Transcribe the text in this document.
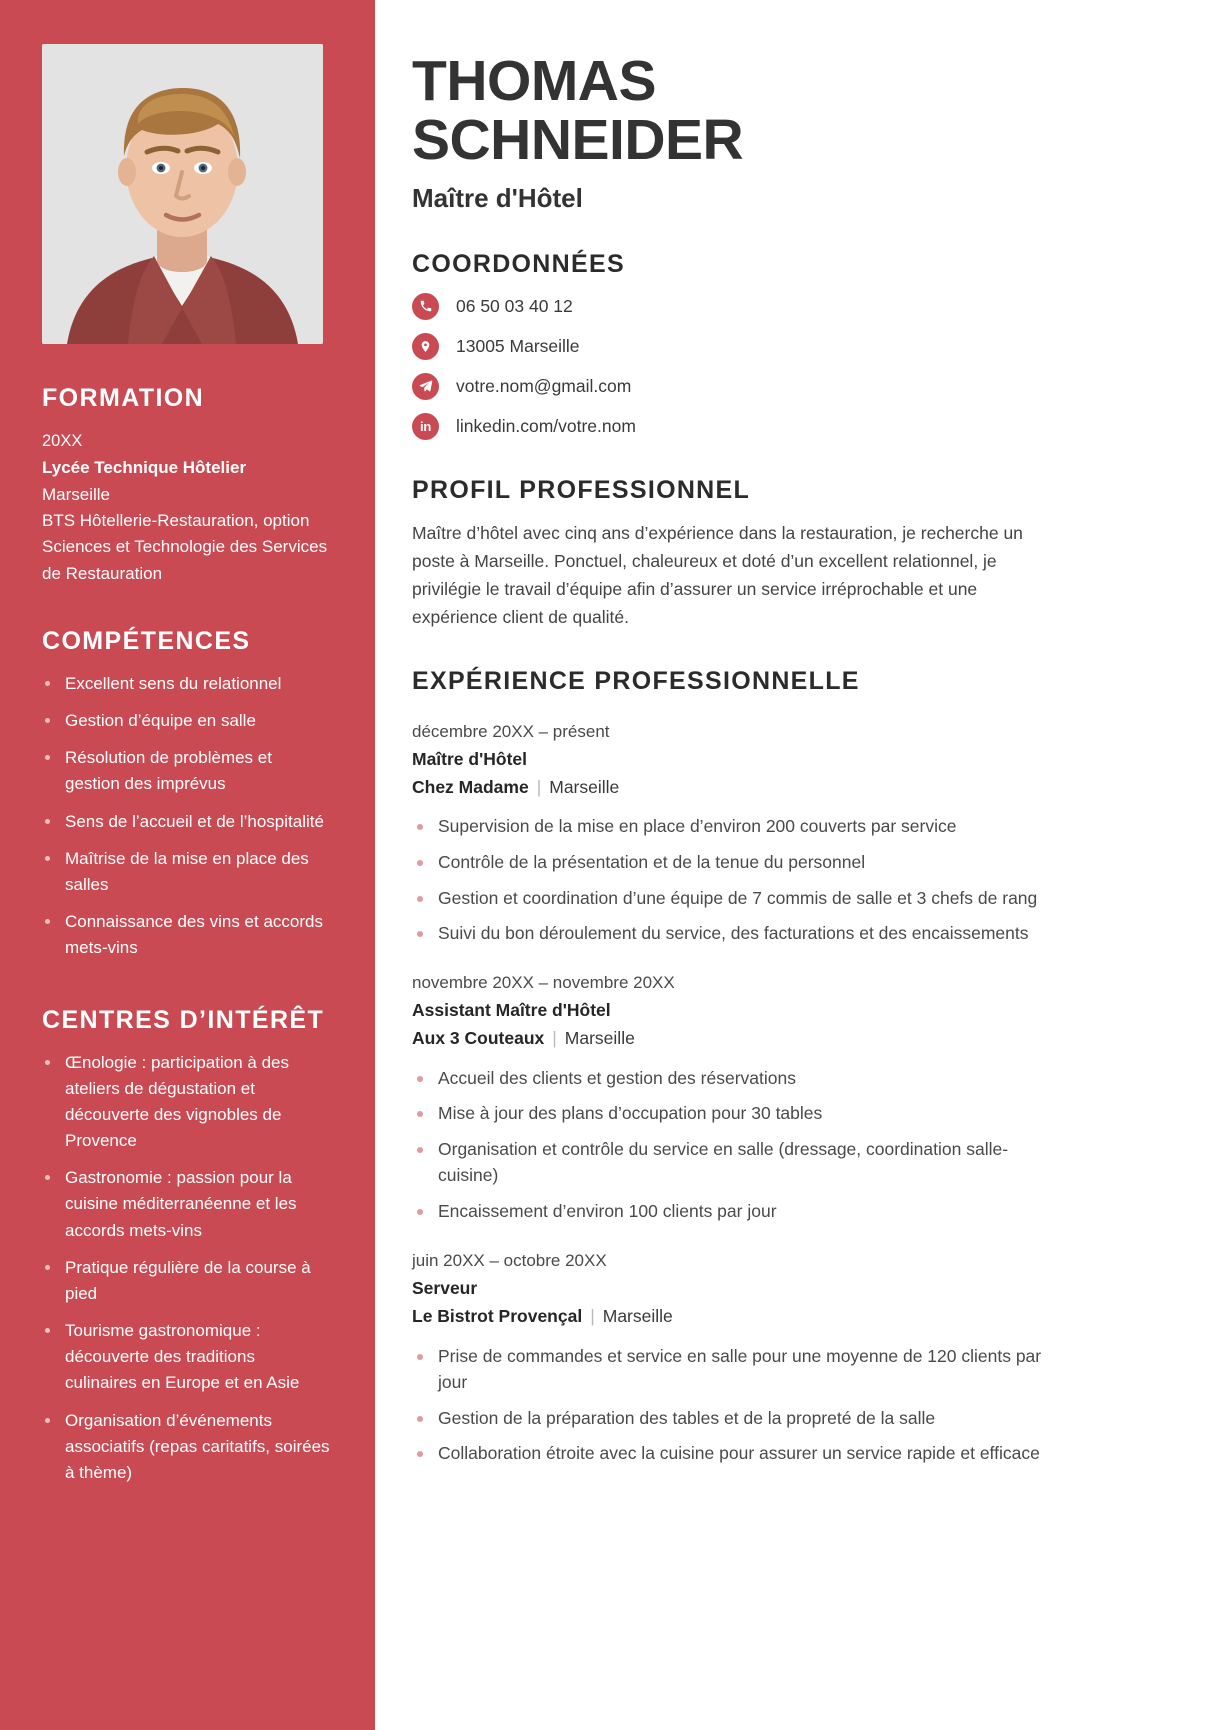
FORMATION
20XX
Lycée Technique Hôtelier
Marseille
BTS Hôtellerie-Restauration, option Sciences et Technologie des Services de Restauration
COMPÉTENCES
Excellent sens du relationnel
Gestion d’équipe en salle
Résolution de problèmes et gestion des imprévus
Sens de l’accueil et de l’hospitalité
Maîtrise de la mise en place des salles
Connaissance des vins et accords mets-vins
CENTRES D’INTÉRÊT
Œnologie : participation à des ateliers de dégustation et découverte des vignobles de Provence
Gastronomie : passion pour la cuisine méditerranéenne et les accords mets-vins
Pratique régulière de la course à pied
Tourisme gastronomique : découverte des traditions culinaires en Europe et en Asie
Organisation d’événements associatifs (repas caritatifs, soirées à thème)
THOMAS
SCHNEIDER
Maître d'Hôtel
COORDONNÉES
06 50 03 40 12
13005 Marseille
votre.nom@gmail.com
in linkedin.com/votre.nom
PROFIL PROFESSIONNEL

Maître d’hôtel avec cinq ans d’expérience dans la restauration, je recherche un poste à Marseille. Ponctuel, chaleureux et doté d’un excellent relationnel, je privilégie le travail d’équipe afin d’assurer un service irréprochable et une expérience client de qualité.

EXPÉRIENCE PROFESSIONNELLE
décembre 20XX – présent
Maître d'Hôtel
Chez Madame | Marseille
Supervision de la mise en place d’environ 200 couverts par service
Contrôle de la présentation et de la tenue du personnel
Gestion et coordination d’une équipe de 7 commis de salle et 3 chefs de rang
Suivi du bon déroulement du service, des facturations et des encaissements
novembre 20XX – novembre 20XX
Assistant Maître d'Hôtel
Aux 3 Couteaux | Marseille
Accueil des clients et gestion des réservations
Mise à jour des plans d’occupation pour 30 tables
Organisation et contrôle du service en salle (dressage, coordination salle-cuisine)
Encaissement d’environ 100 clients par jour
juin 20XX – octobre 20XX
Serveur
Le Bistrot Provençal | Marseille
Prise de commandes et service en salle pour une moyenne de 120 clients par jour
Gestion de la préparation des tables et de la propreté de la salle
Collaboration étroite avec la cuisine pour assurer un service rapide et efficace
